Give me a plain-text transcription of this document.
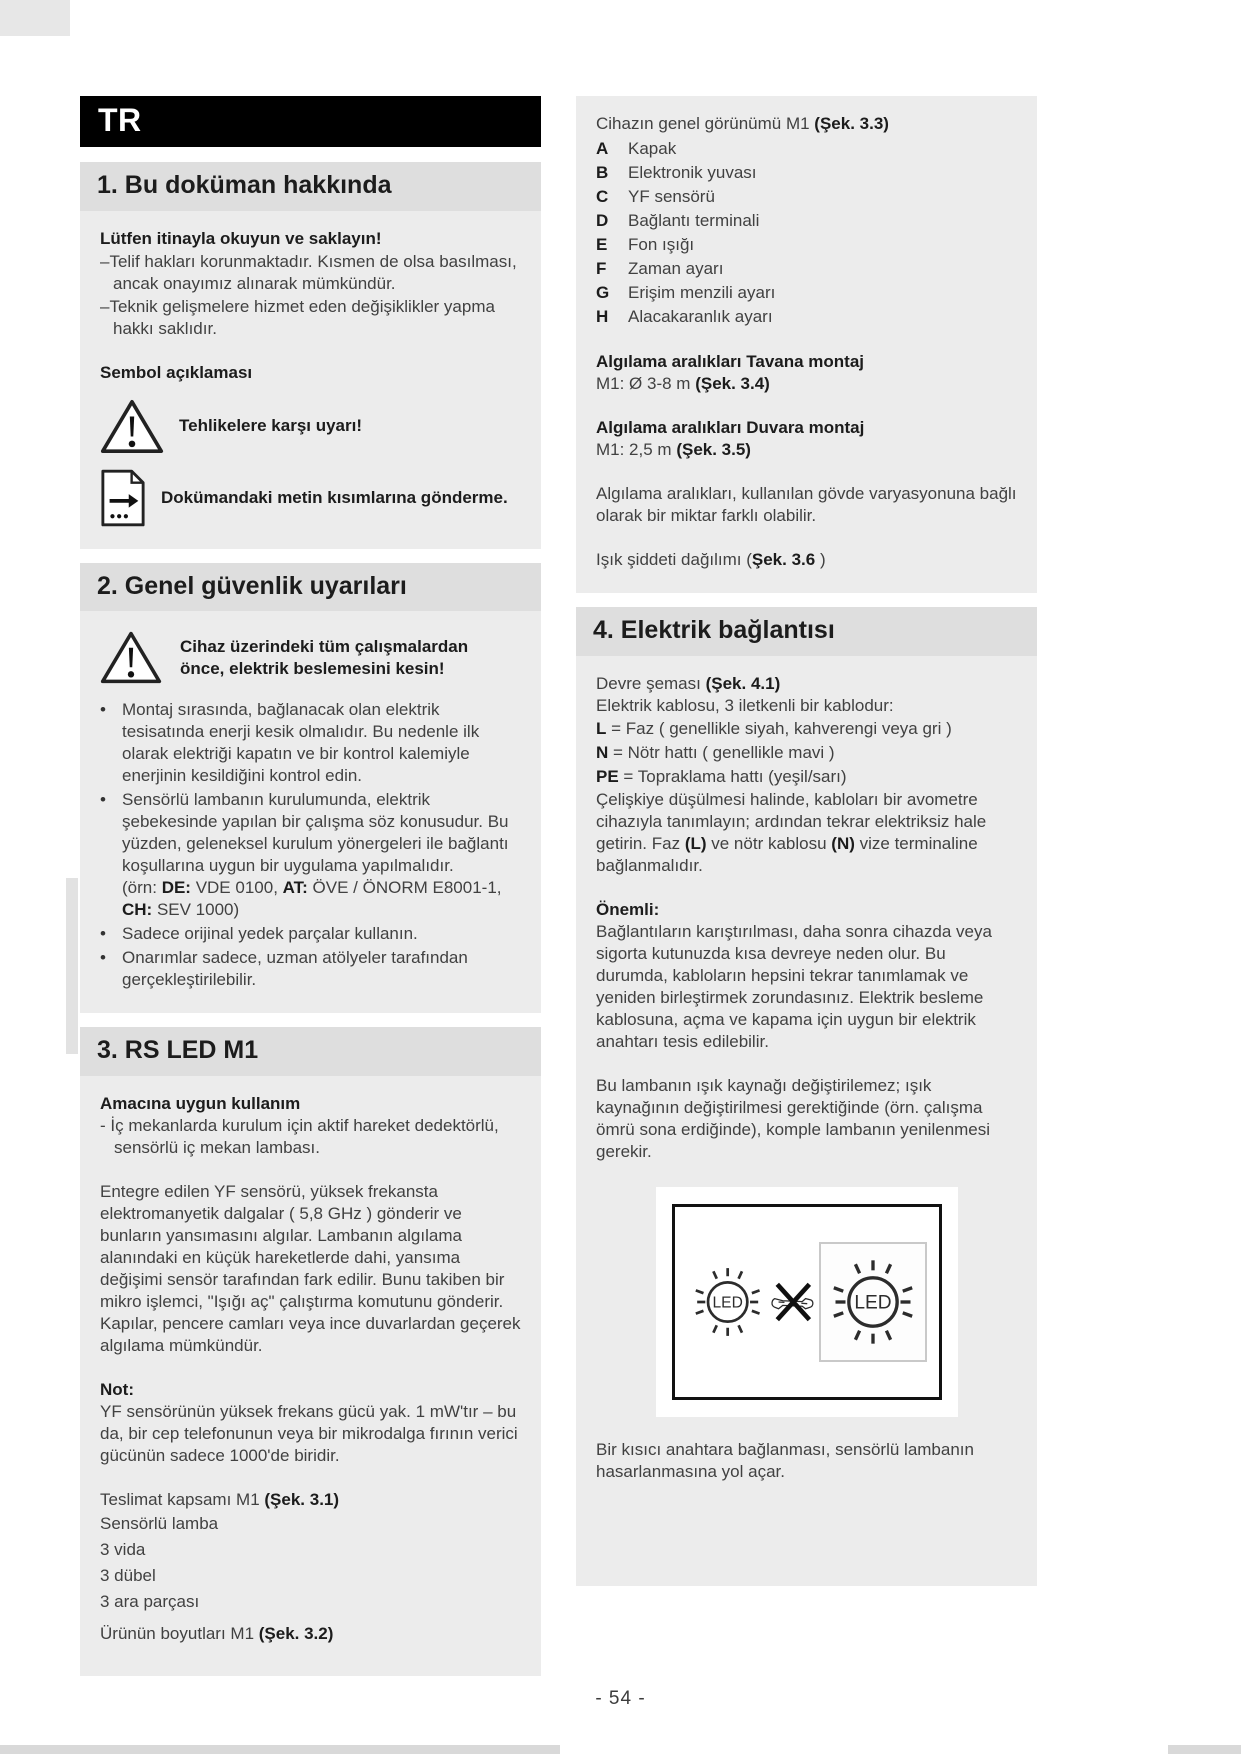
TR
1. Bu doküman hakkında

Lütfen itinayla okuyun ve saklayın!

–Telif hakları korunmaktadır. Kısmen de olsa basılması, ancak onayımız alınarak mümkündür.

–Teknik gelişmelere hizmet eden değişiklikler yapma hakkı saklıdır.

Sembol açıklaması

Tehlikelere karşı uyarı!
Dokümandaki metin kısımlarına gönderme.
2. Genel güvenlik uyarıları
Cihaz üzerindeki tüm çalışmalardan önce, elektrik beslemesini kesin!
• Montaj sırasında, bağlanacak olan elektrik tesisatında enerji kesik olmalıdır. Bu nedenle ilk olarak elektriği kapatın ve bir kontrol kalemiyle enerjinin kesildiğini kontrol edin.
• Sensörlü lambanın kurulumunda, elektrik şebekesinde yapılan bir çalışma söz konusudur. Bu yüzden, geleneksel kurulum yönergeleri ile bağlantı koşullarına uygun bir uygulama yapılmalıdır.
(örn: DE: VDE 0100, AT: ÖVE / ÖNORM E8001-1, CH: SEV 1000)
• Sadece orijinal yedek parçalar kullanın.
• Onarımlar sadece, uzman atölyeler tarafından gerçekleştirilebilir.
3. RS LED M1

Amacına uygun kullanım

- İç mekanlarda kurulum için aktif hareket dedektörlü, sensörlü iç mekan lambası.

Entegre edilen YF sensörü, yüksek frekansta elektromanyetik dalgalar ( 5,8 GHz ) gönderir ve bunların yansımasını algılar. Lambanın algılama alanındaki en küçük hareketlerde dahi, yansıma değişimi sensör tarafından fark edilir. Bunu takiben bir mikro işlemci, "Işığı aç" çalıştırma komutunu gönderir. Kapılar, pencere camları veya ince duvarlardan geçerek algılama mümkündür.

Not:

YF sensörünün yüksek frekans gücü yak. 1 mW'tır – bu da, bir cep telefonunun veya bir mikrodalga fırının verici gücünün sadece 1000'de biridir.

Teslimat kapsamı M1 (Şek. 3.1)

Sensörlü lamba

3 vida

3 dübel

3 ara parçası

Ürünün boyutları M1 (Şek. 3.2)

Cihazın genel görünümü M1 (Şek. 3.3)

A	Kapak
B	Elektronik yuvası
C	YF sensörü
D	Bağlantı terminali
E	Fon ışığı
F	Zaman ayarı
G	Erişim menzili ayarı
H	Alacakaranlık ayarı

Algılama aralıkları Tavana montaj

M1: Ø 3-8 m (Şek. 3.4)

Algılama aralıkları Duvara montaj

M1: 2,5 m (Şek. 3.5)

Algılama aralıkları, kullanılan gövde varyasyonuna bağlı olarak bir miktar farklı olabilir.

Işık şiddeti dağılımı (Şek. 3.6 )

4. Elektrik bağlantısı

Devre şeması (Şek. 4.1)

Elektrik kablosu, 3 iletkenli bir kablodur:

L = Faz ( genellikle siyah, kahverengi veya gri )

N = Nötr hattı ( genellikle mavi )

PE = Topraklama hattı (yeşil/sarı)

Çelişkiye düşülmesi halinde, kabloları bir avometre cihazıyla tanımlayın; ardından tekrar elektriksiz hale getirin. Faz (L) ve nötr kablosu (N) vize terminaline bağlanmalıdır.

Önemli:

Bağlantıların karıştırılması, daha sonra cihazda veya sigorta kutunuzda kısa devreye neden olur. Bu durumda, kabloların hepsini tekrar tanımlamak ve yeniden birleştirmek zorundasınız. Elektrik besleme kablosuna, açma ve kapama için uygun bir elektrik anahtarı tesis edilebilir.

Bu lambanın ışık kaynağı değiştirilemez; ışık kaynağının değiştirilmesi gerektiğinde (örn. çalışma ömrü sona erdiğinde), komple lambanın yenilenmesi gerekir.

LED	LED

Bir kısıcı anahtara bağlanması, sensörlü lambanın hasarlanmasına yol açar.

- 54 -
